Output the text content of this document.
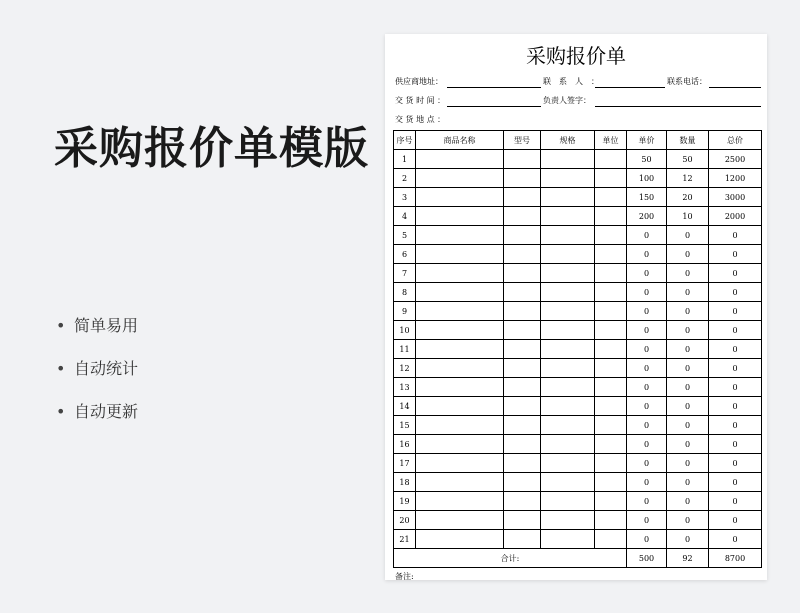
采购报价单模版
• 简单易用
• 自动统计
• 自动更新
采购报价单
供应商地址：	联　系　人　：	联系电话：
交 货 时 间 ：	负责人签字：
交 货 地 点 ：
序号	商品名称	型号	规格	单位	单价	数量	总价
1					50	50	2500
2					100	12	1200
3					150	20	3000
4					200	10	2000
5					0	0	0
6					0	0	0
7					0	0	0
8					0	0	0
9					0	0	0
10					0	0	0
11					0	0	0
12					0	0	0
13					0	0	0
14					0	0	0
15					0	0	0
16					0	0	0
17					0	0	0
18					0	0	0
19					0	0	0
20					0	0	0
21					0	0	0
合计:					500	92	8700
备注:
